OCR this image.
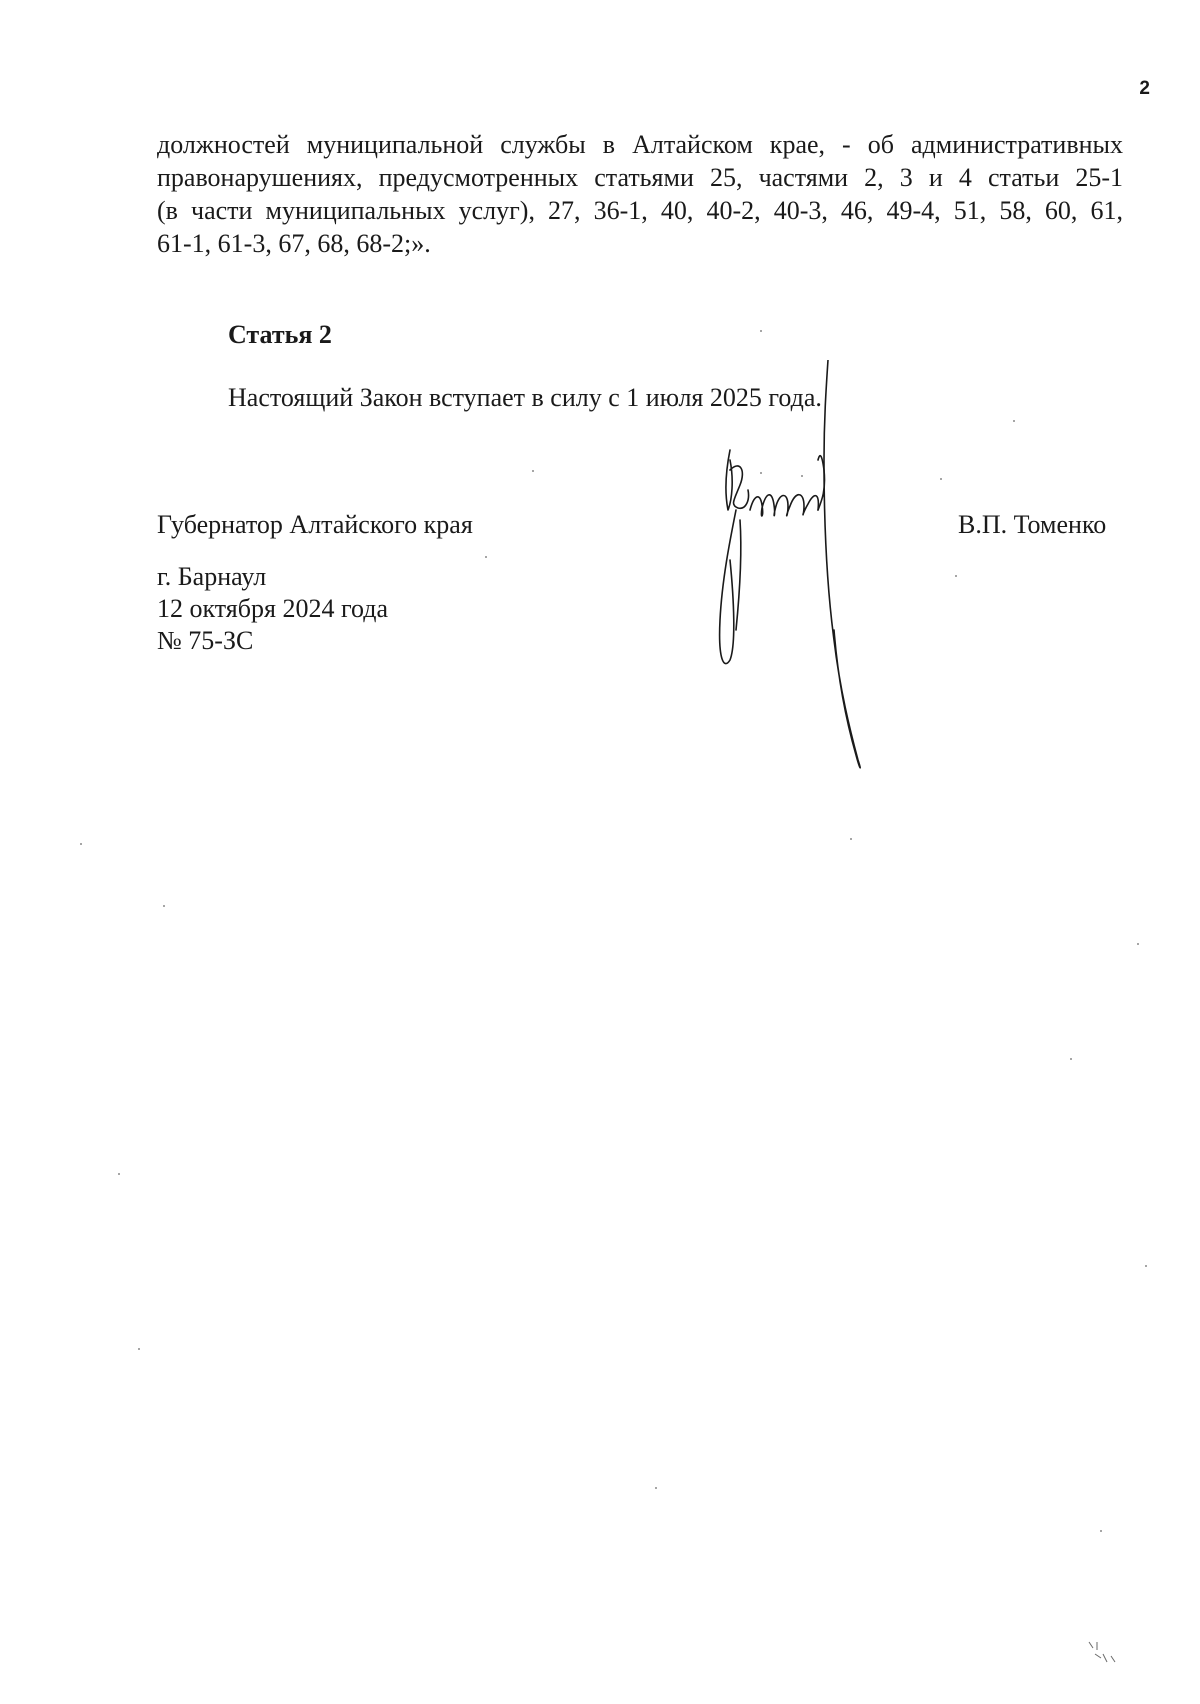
2
должностей муниципальной службы в Алтайском крае, - об административных
правонарушениях, предусмотренных статьями 25, частями 2, 3 и 4 статьи 25-1
(в части муниципальных услуг), 27, 36-1, 40, 40-2, 40-3, 46, 49-4, 51, 58, 60, 61,
61-1, 61-3, 67, 68, 68-2;».
Статья 2
Настоящий Закон вступает в силу с 1 июля 2025 года.
Губернатор Алтайского края	В.П. Томенко
г. Барнаул
12 октября 2024 года
№ 75-ЗС
